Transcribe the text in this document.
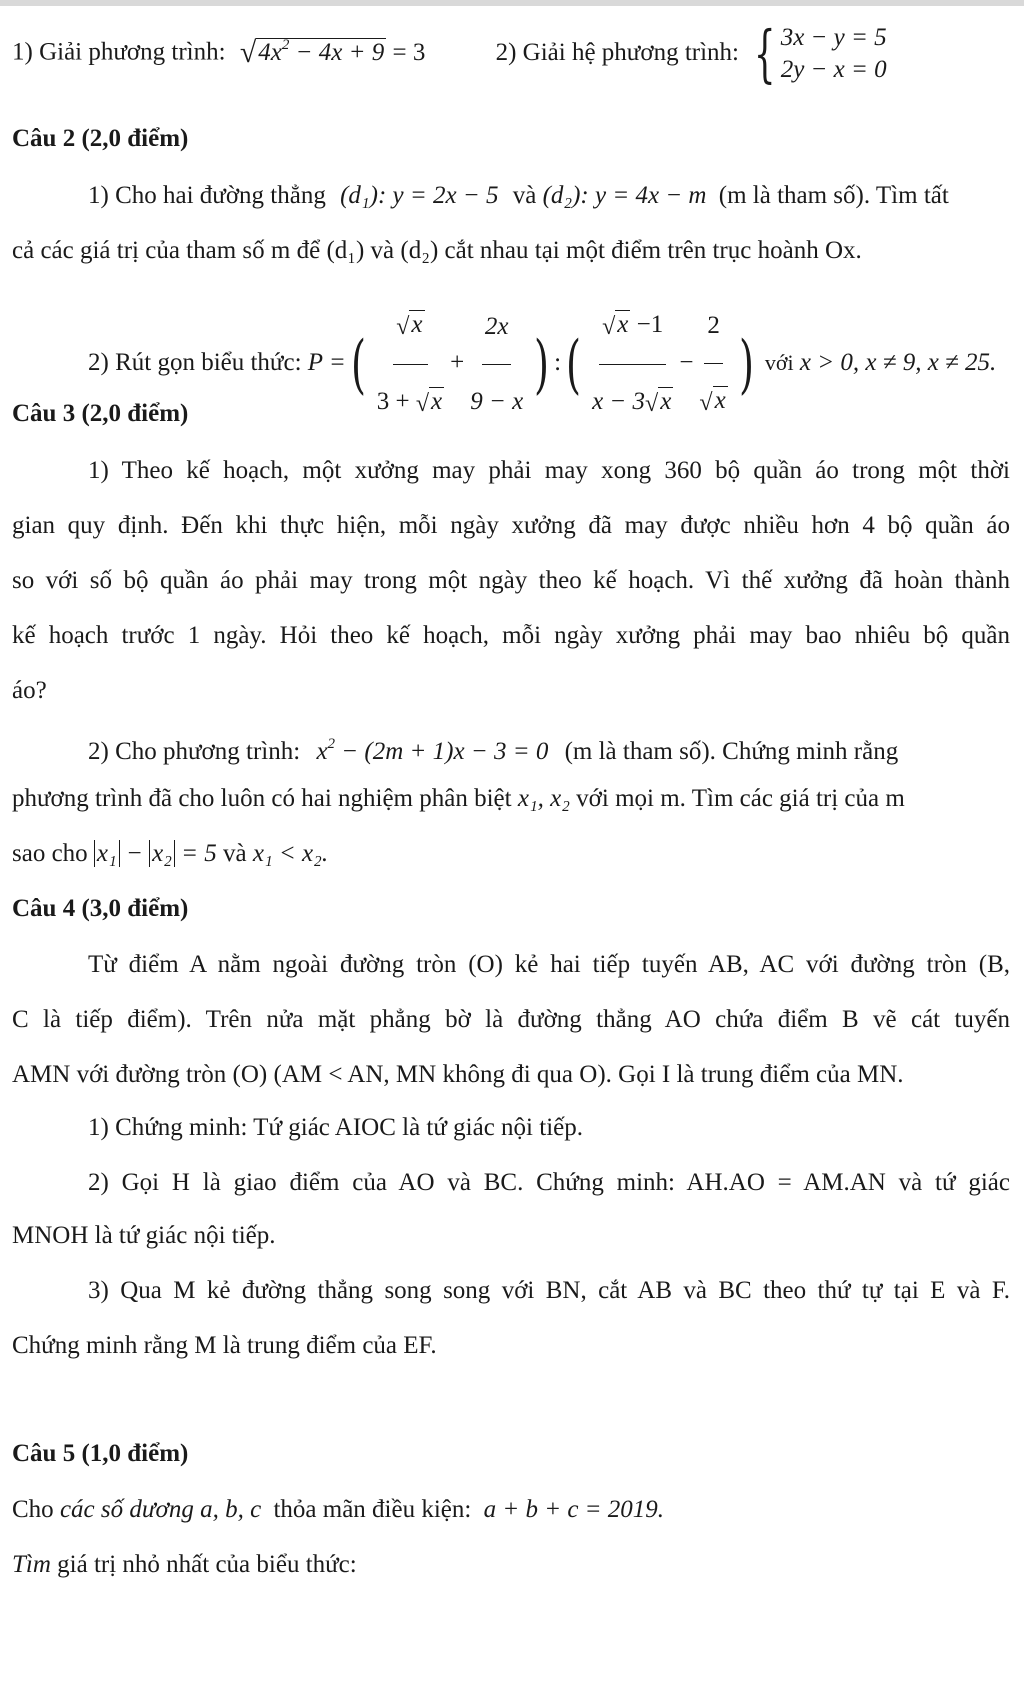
1) Giải phương trình: $√4x^2 - 4x + 9 = 3$	2) Giải hệ phương trình: { 3x − y = 5
2y − x = 0
Câu 2 (2,0 điểm)
1) Cho hai đường thẳng (d₁): y = 2x − 5 và (d₂): y = 4x − m (m là tham số). Tìm tất
cả các giá trị của tham số m để (d₁) và (d₂) cắt nhau tại một điểm trên trục hoành Ox.
2) Rút gọn biểu thức: P =( $\frac{√x}{3 + √x} + \frac{2x}{9 - x}$ ) :( $\frac{√x -1}{x - 3√x} - \frac{2}{√x}$ ) với x > 0, x ≠ 9, x ≠ 25.
Câu 3 (2,0 điểm)
1) Theo kế hoạch, một xưởng may phải may xong 360 bộ quần áo trong một thời
gian quy định. Đến khi thực hiện, mỗi ngày xưởng đã may được nhiều hơn 4 bộ quần áo
so với số bộ quần áo phải may trong một ngày theo kế hoạch. Vì thế xưởng đã hoàn thành
kế hoạch trước 1 ngày. Hỏi theo kế hoạch, mỗi ngày xưởng phải may bao nhiêu bộ quần
áo?
2) Cho phương trình: $x^2 - (2m + 1)x - 3 = 0$ (m là tham số). Chứng minh rằng
phương trình đã cho luôn có hai nghiệm phân biệt x₁, x₂ với mọi m. Tìm các giá trị của m
sao cho x₁ − x₂ = 5 và x₁ < x₂.
Câu 4 (3,0 điểm)
Từ điểm A nằm ngoài đường tròn (O) kẻ hai tiếp tuyến AB, AC với đường tròn (B,
C là tiếp điểm). Trên nửa mặt phẳng bờ là đường thẳng AO chứa điểm B vẽ cát tuyến
AMN với đường tròn (O) (AM < AN, MN không đi qua O). Gọi I là trung điểm của MN.
1) Chứng minh: Tứ giác AIOC là tứ giác nội tiếp.
2) Gọi H là giao điểm của AO và BC. Chứng minh: AH.AO = AM.AN và tứ giác
MNOH là tứ giác nội tiếp.
3) Qua M kẻ đường thẳng song song với BN, cắt AB và BC theo thứ tự tại E và F.
Chứng minh rằng M là trung điểm của EF.
Câu 5 (1,0 điểm)
Cho các số dương a, b, c thỏa mãn điều kiện: a + b + c = 2019.
Tìm giá trị nhỏ nhất của biểu thức:
